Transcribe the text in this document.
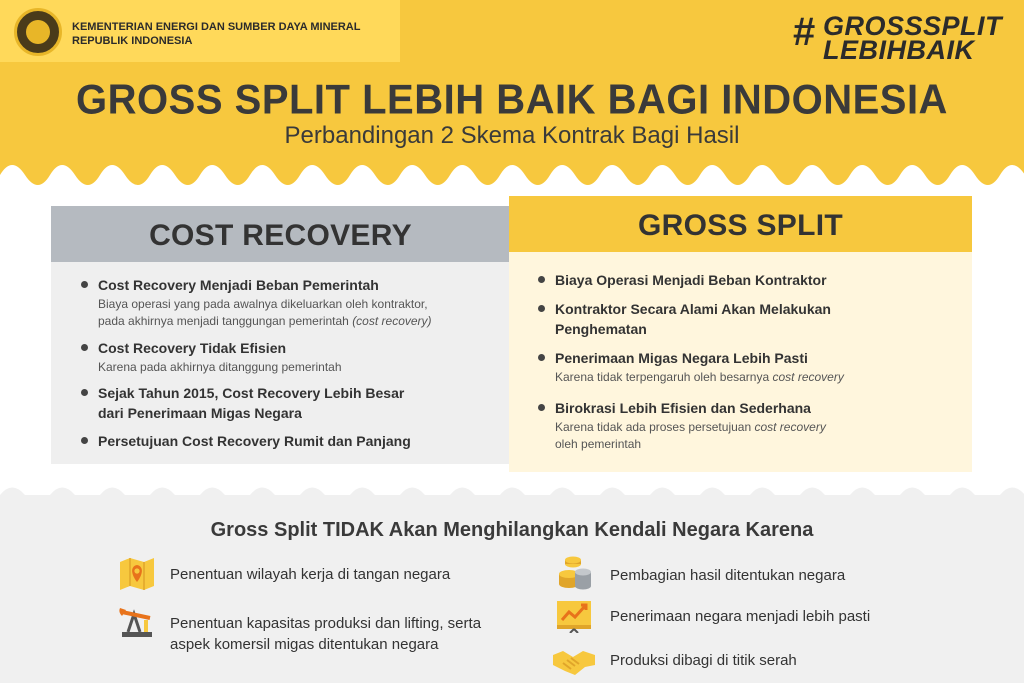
KEMENTERIAN ENERGI DAN SUMBER DAYA MINERAL
REPUBLIK INDONESIA	# GROSSSPLIT
LEBIHBAIK
GROSS SPLIT LEBIH BAIK BAGI INDONESIA
Perbandingan 2 Skema Kontrak Bagi Hasil
COST RECOVERY
Cost Recovery Menjadi Beban Pemerintah
Biaya operasi yang pada awalnya dikeluarkan oleh kontraktor,
pada akhirnya menjadi tanggungan pemerintah (cost recovery)
Cost Recovery Tidak Efisien
Karena pada akhirnya ditanggung pemerintah
Sejak Tahun 2015, Cost Recovery Lebih Besar
dari Penerimaan Migas Negara
Persetujuan Cost Recovery Rumit dan Panjang
GROSS SPLIT
Biaya Operasi Menjadi Beban Kontraktor
Kontraktor Secara Alami Akan Melakukan
Penghematan
Penerimaan Migas Negara Lebih Pasti
Karena tidak terpengaruh oleh besarnya cost recovery
Birokrasi Lebih Efisien dan Sederhana
Karena tidak ada proses persetujuan cost recovery
oleh pemerintah
Gross Split TIDAK Akan Menghilangkan Kendali Negara Karena
Penentuan wilayah kerja di tangan negara
Penentuan kapasitas produksi dan lifting, serta
aspek komersil migas ditentukan negara
Pembagian hasil ditentukan negara
Penerimaan negara menjadi lebih pasti
Produksi dibagi di titik serah
